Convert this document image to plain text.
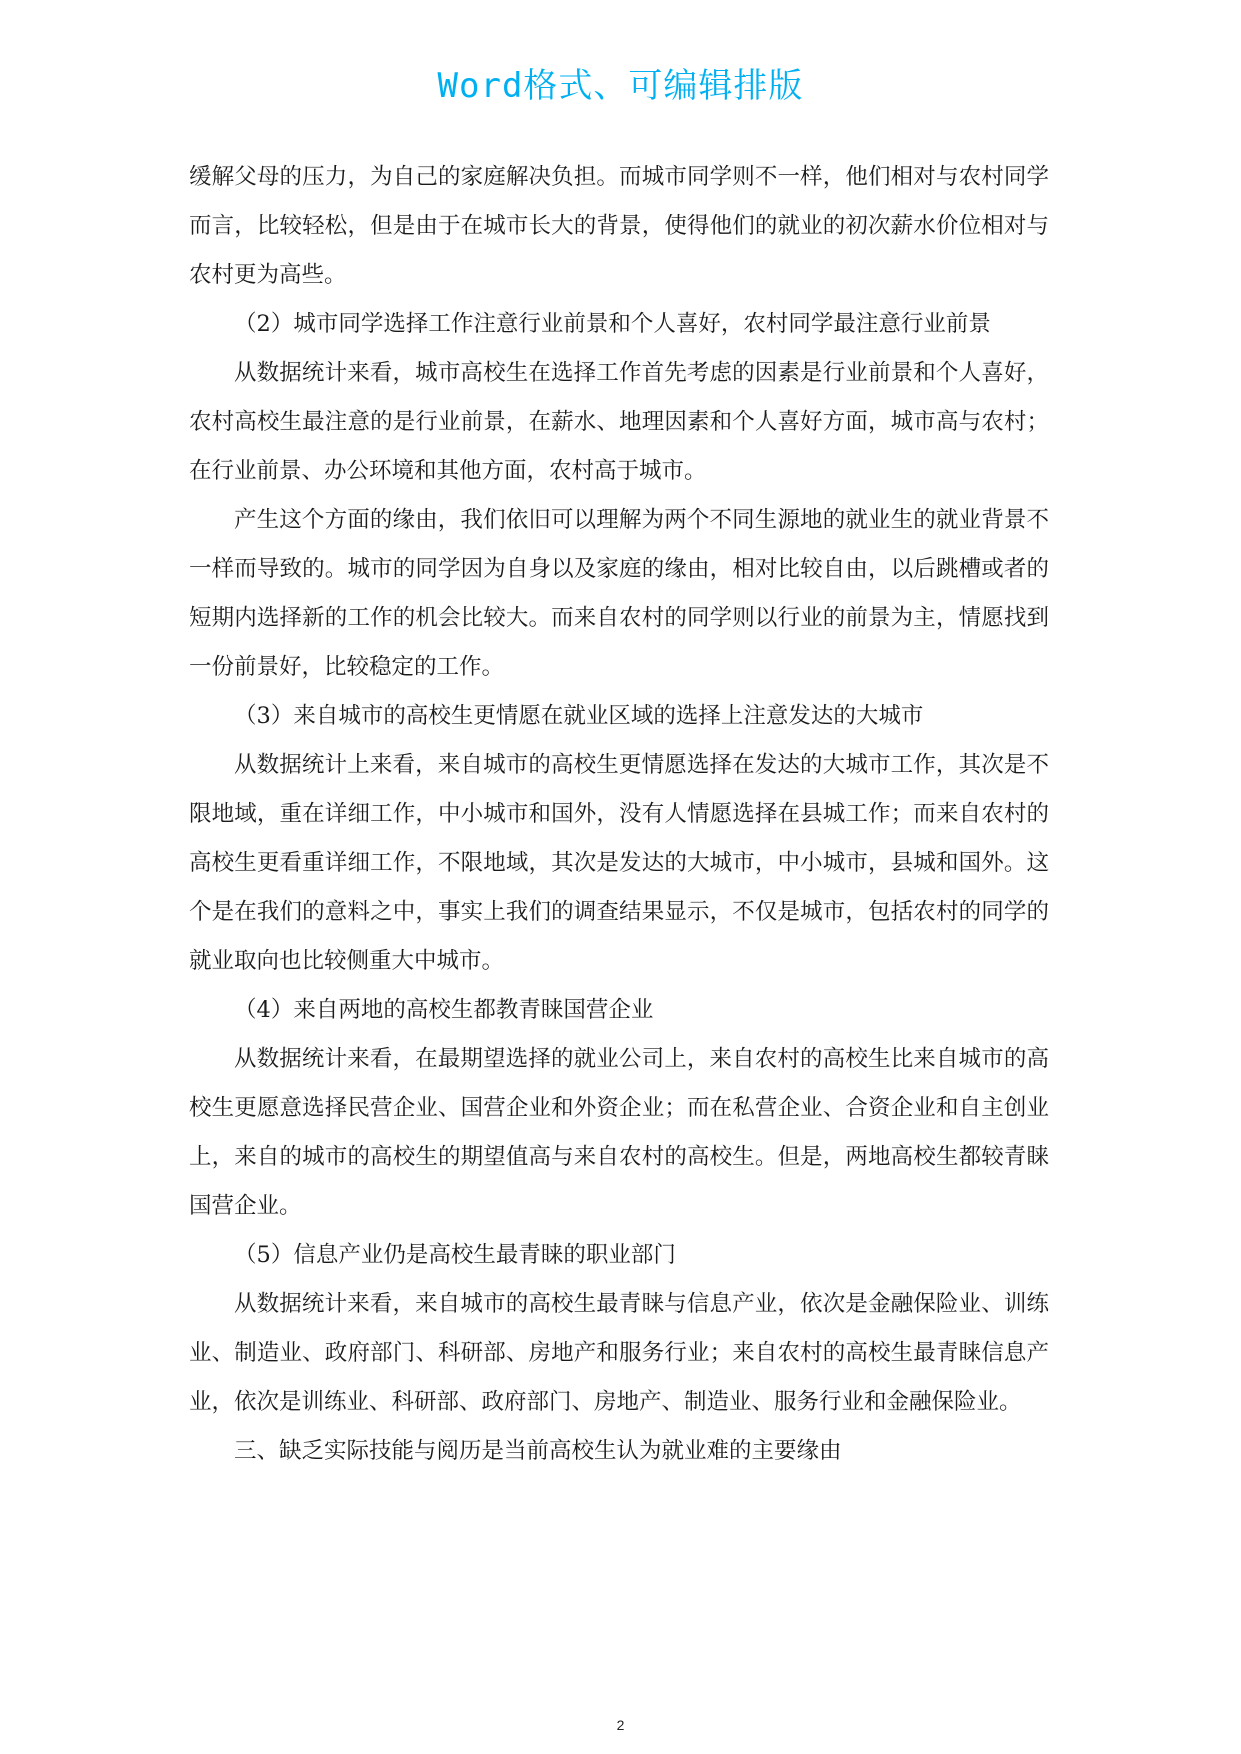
Word格式、可编辑排版

缓解父母的压力，为自己的家庭解决负担。而城市同学则不一样，他们相对与农村同学而言，比较轻松，但是由于在城市长大的背景，使得他们的就业的初次薪水价位相对与农村更为高些。

（2）城市同学选择工作注意行业前景和个人喜好，农村同学最注意行业前景

从数据统计来看，城市高校生在选择工作首先考虑的因素是行业前景和个人喜好，农村高校生最注意的是行业前景，在薪水、地理因素和个人喜好方面，城市高与农村；在行业前景、办公环境和其他方面，农村高于城市。

产生这个方面的缘由，我们依旧可以理解为两个不同生源地的就业生的就业背景不一样而导致的。城市的同学因为自身以及家庭的缘由，相对比较自由，以后跳槽或者的短期内选择新的工作的机会比较大。而来自农村的同学则以行业的前景为主，情愿找到一份前景好，比较稳定的工作。

（3）来自城市的高校生更情愿在就业区域的选择上注意发达的大城市

从数据统计上来看，来自城市的高校生更情愿选择在发达的大城市工作，其次是不限地域，重在详细工作，中小城市和国外，没有人情愿选择在县城工作；而来自农村的高校生更看重详细工作，不限地域，其次是发达的大城市，中小城市，县城和国外。这个是在我们的意料之中，事实上我们的调查结果显示，不仅是城市，包括农村的同学的就业取向也比较侧重大中城市。

（4）来自两地的高校生都教青睐国营企业

从数据统计来看，在最期望选择的就业公司上，来自农村的高校生比来自城市的高校生更愿意选择民营企业、国营企业和外资企业；而在私营企业、合资企业和自主创业上，来自的城市的高校生的期望值高与来自农村的高校生。但是，两地高校生都较青睐国营企业。

（5）信息产业仍是高校生最青睐的职业部门

从数据统计来看，来自城市的高校生最青睐与信息产业，依次是金融保险业、训练业、制造业、政府部门、科研部、房地产和服务行业；来自农村的高校生最青睐信息产业，依次是训练业、科研部、政府部门、房地产、制造业、服务行业和金融保险业。

三、缺乏实际技能与阅历是当前高校生认为就业难的主要缘由

2
